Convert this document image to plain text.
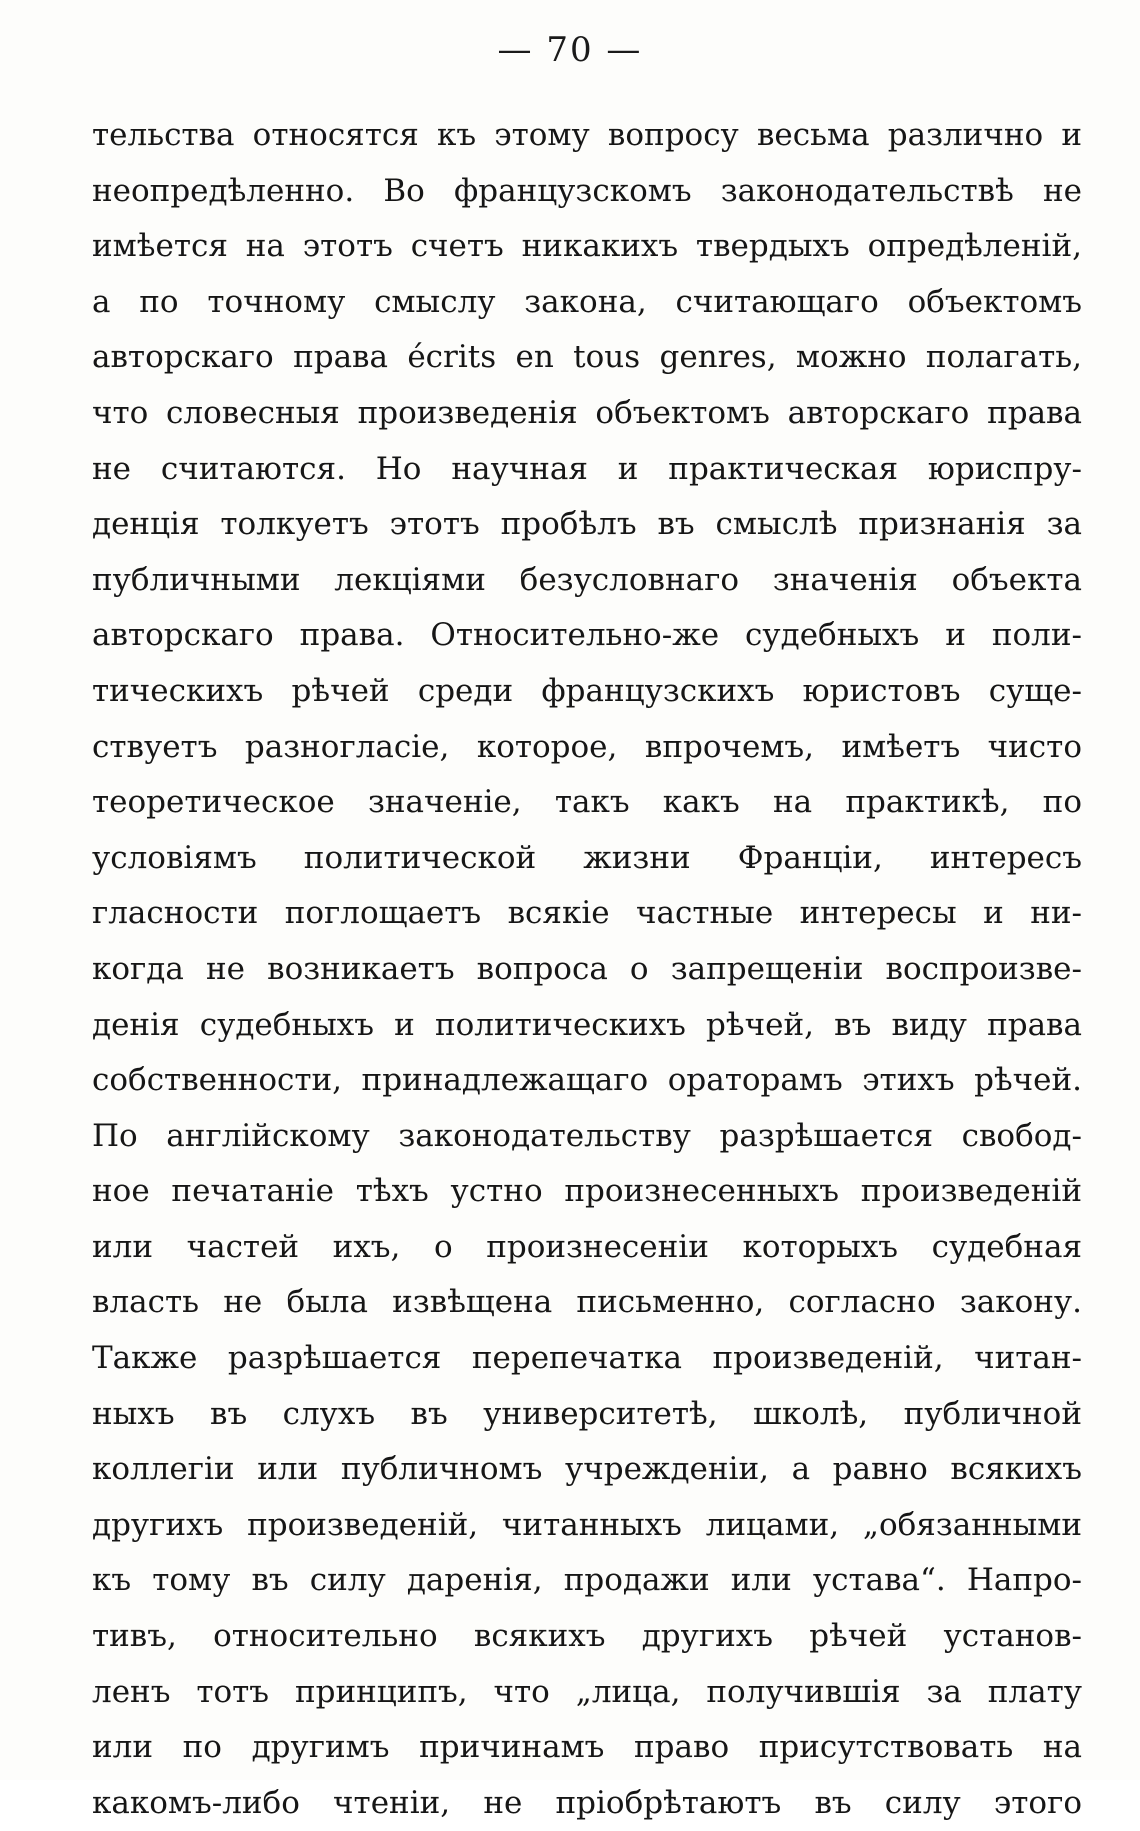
— 70 —
тельства относятся къ этому вопросу весьма различно и
неопредѣленно. Во французскомъ законодательствѣ не
имѣется на этотъ счетъ никакихъ твердыхъ опредѣленій,
а по точному смыслу закона, считающаго объектомъ
авторскаго права écrits en tous genres, можно полагать,
что словесныя произведенія объектомъ авторскаго права
не считаются. Но научная и практическая юриспру-
денція толкуетъ этотъ пробѣлъ въ смыслѣ признанія за
публичными лекціями безусловнаго значенія объекта
авторскаго права. Относительно-же судебныхъ и поли-
тическихъ рѣчей среди французскихъ юристовъ суще-
ствуетъ разногласіе, которое, впрочемъ, имѣетъ чисто
теоретическое значеніе, такъ какъ на практикѣ, по
условіямъ политической жизни Франціи, интересъ
гласности поглощаетъ всякіе частные интересы и ни-
когда не возникаетъ вопроса о запрещеніи воспроизве-
денія судебныхъ и политическихъ рѣчей, въ виду права
собственности, принадлежащаго ораторамъ этихъ рѣчей.
По англійскому законодательству разрѣшается свобод-
ное печатаніе тѣхъ устно произнесенныхъ произведеній
или частей ихъ, о произнесеніи которыхъ судебная
власть не была извѣщена письменно, согласно закону.
Также разрѣшается перепечатка произведеній, читан-
ныхъ въ слухъ въ университетѣ, школѣ, публичной
коллегіи или публичномъ учрежденіи, а равно всякихъ
другихъ произведеній, читанныхъ лицами, „обязанными
къ тому въ силу даренія, продажи или устава“. Напро-
тивъ, относительно всякихъ другихъ рѣчей установ-
ленъ тотъ принципъ, что „лица, получившія за плату
или по другимъ причинамъ право присутствовать на
какомъ-либо чтеніи, не пріобрѣтаютъ въ силу этого
